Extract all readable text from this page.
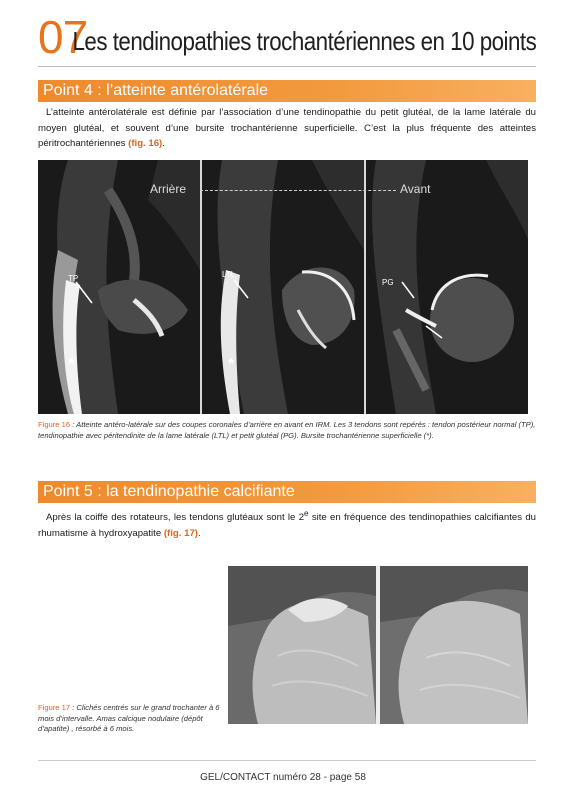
07
Les tendinopathies trochantériennes en 10 points
Point 4 : l’atteinte antérolatérale

L’atteinte antérolatérale est définie par l’association d’une tendinopathie du petit glutéal, de la lame latérale du moyen glutéal, et souvent d’une bursite trochantérienne superficielle. C’est la plus fréquente des atteintes péritrochantériennes (fig. 16).

Arrière	Avant
TP	LTL
PG
*	*

Figure 16 : Atteinte antéro-latérale sur des coupes coronales d’arrière en avant en IRM. Les 3 tendons sont repérés : tendon postérieur normal (TP), tendinopathie avec péritendinite de la lame latérale (LTL) et petit glutéal (PG). Bursite trochantérienne superficielle (*).

Point 5 : la tendinopathie calcifiante

Après la coiffe des rotateurs, les tendons glutéaux sont le 2e site en fréquence des tendinopathies calcifiantes du rhumatisme à hydroxyapatite (fig. 17).

Figure 17 : Clichés centrés sur le grand trochanter à 6 mois d’intervalle. Amas calcique nodulaire (dépôt d’apatite) , résorbé à 6 mois.

GEL/CONTACT numéro 28 - page 58
